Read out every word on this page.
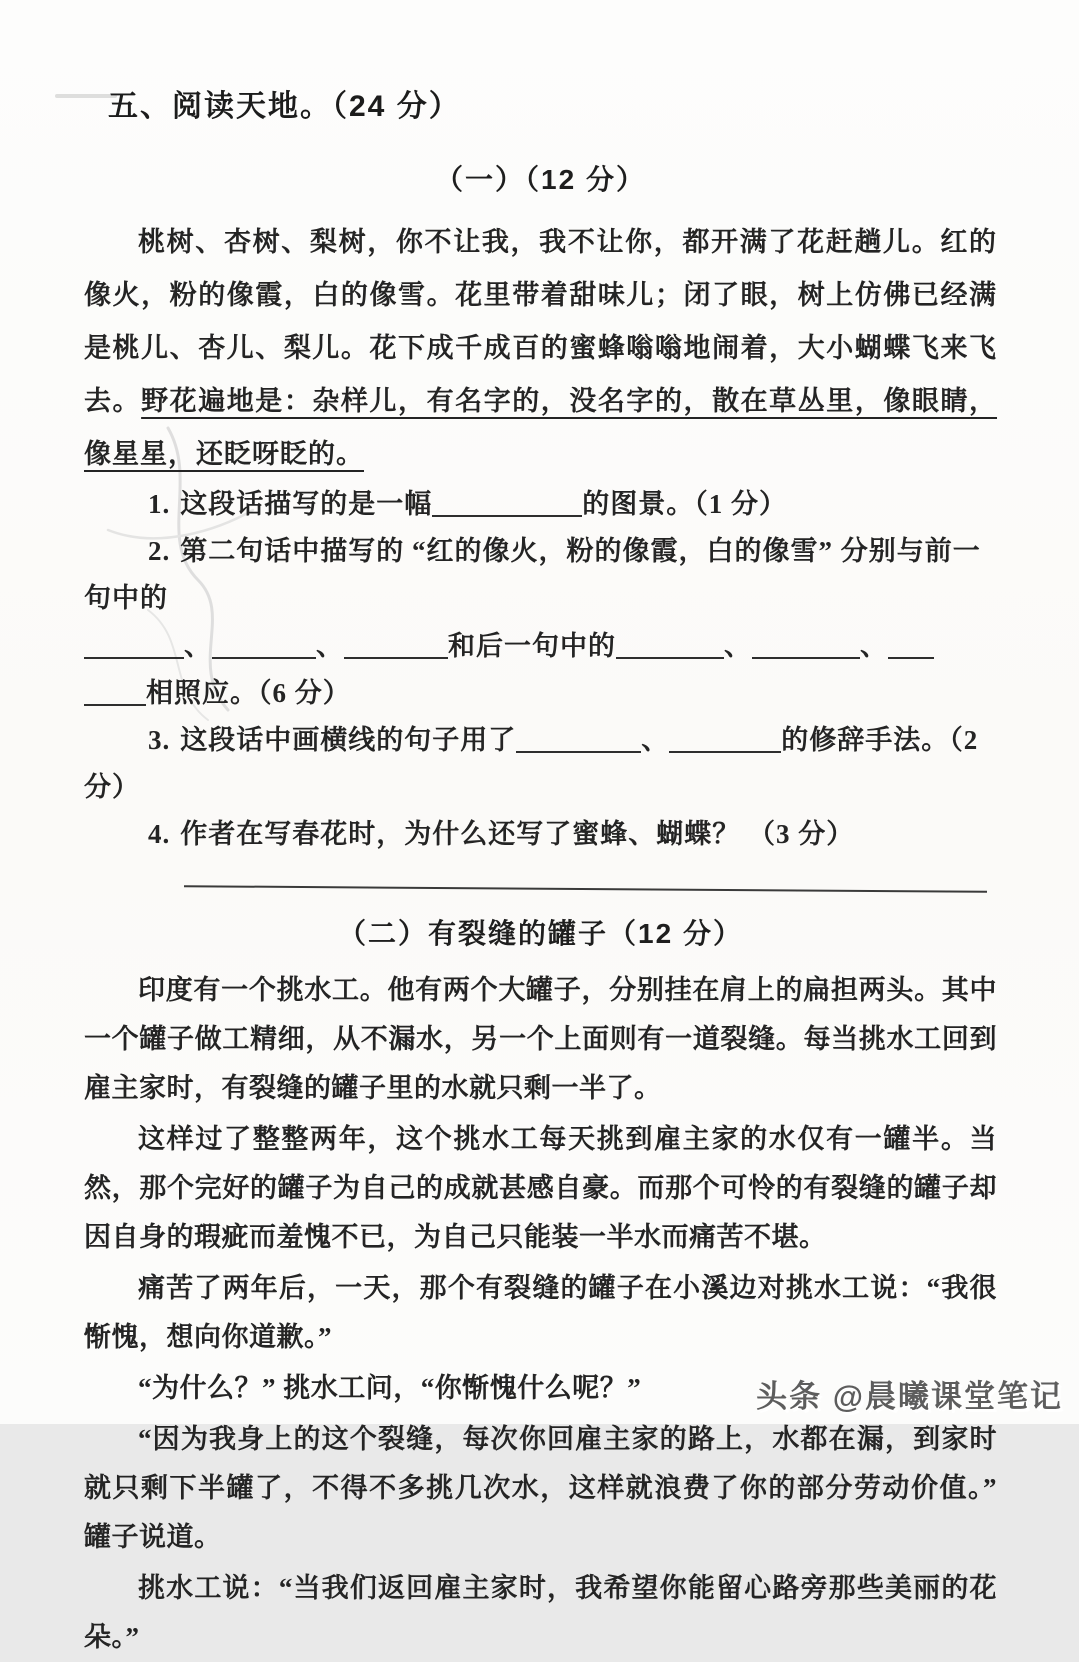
五、阅读天地。（24 分）
（一）（12 分）

桃树、杏树、梨树，你不让我，我不让你，都开满了花赶趟儿。红的像火，粉的像霞，白的像雪。花里带着甜味儿；闭了眼，树上仿佛已经满是桃儿、杏儿、梨儿。花下成千成百的蜜蜂嗡嗡地闹着，大小蝴蝶飞来飞去。野花遍地是：杂样儿，有名字的，没名字的，散在草丛里，像眼睛，像星星，还眨呀眨的。

1. 这段话描写的是一幅	的图景。（1 分）
2. 第二句话中描写的 “红的像火，粉的像霞，白的像雪” 分别与前一句中的
、	、	和后一句中的	、	、
相照应。（6 分）
3. 这段话中画横线的句子用了	、	的修辞手法。（2 分）
4. 作者在写春花时，为什么还写了蜜蜂、蝴蝶？ （3 分）
（二）有裂缝的罐子（12 分）

印度有一个挑水工。他有两个大罐子，分别挂在肩上的扁担两头。其中一个罐子做工精细，从不漏水，另一个上面则有一道裂缝。每当挑水工回到雇主家时，有裂缝的罐子里的水就只剩一半了。

这样过了整整两年，这个挑水工每天挑到雇主家的水仅有一罐半。当然，那个完好的罐子为自己的成就甚感自豪。而那个可怜的有裂缝的罐子却因自身的瑕疵而羞愧不已，为自己只能装一半水而痛苦不堪。

痛苦了两年后，一天，那个有裂缝的罐子在小溪边对挑水工说：“我很惭愧，想向你道歉。”

“为什么？” 挑水工问，“你惭愧什么呢？”

“因为我身上的这个裂缝，每次你回雇主家的路上，水都在漏，到家时就只剩下半罐了，不得不多挑几次水，这样就浪费了你的部分劳动价值。” 罐子说道。

挑水工说：“当我们返回雇主家时，我希望你能留心路旁那些美丽的花朵。”

头条 @晨曦课堂笔记
